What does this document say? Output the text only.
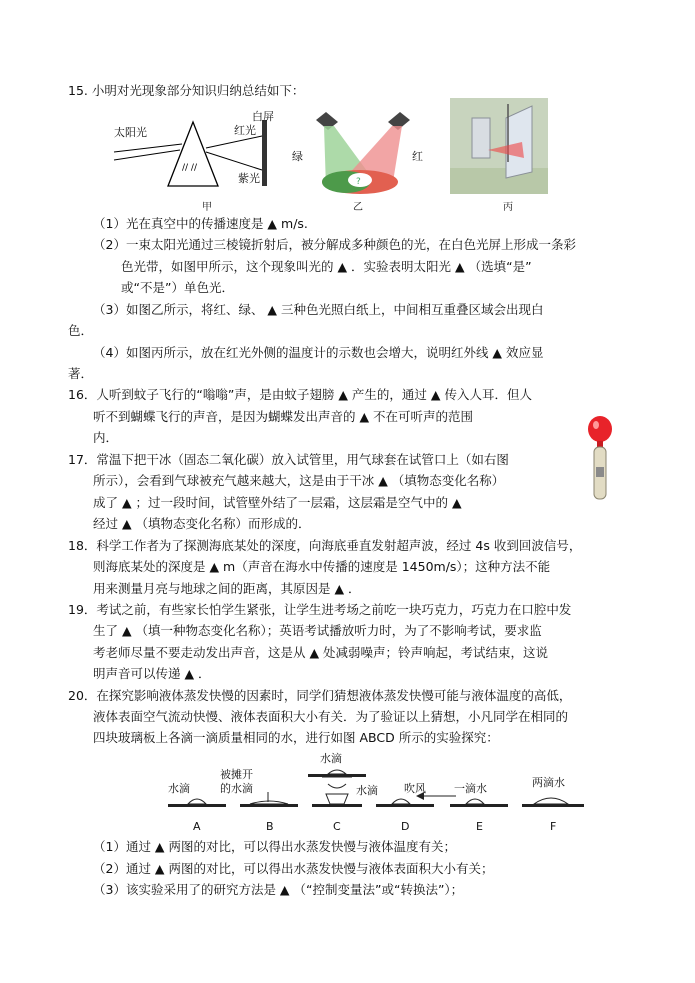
15. 小明对光现象部分知识归纳总结如下：
// //
太阳光
白屏
红光
紫光
甲
?
绿	红
乙	丙
（1）光在真空中的传播速度是 ▲ m/s.
（2）一束太阳光通过三棱镜折射后，被分解成多种颜色的光，在白色光屏上形成一条彩
色光带，如图甲所示，这个现象叫光的 ▲ ．实验表明太阳光 ▲ （选填“是”
或“不是”）单色光．
（3）如图乙所示，将红、绿、 ▲ 三种色光照白纸上，中间相互重叠区域会出现白
色．
（4）如图丙所示，放在红光外侧的温度计的示数也会增大，说明红外线 ▲ 效应显
著．
16．人听到蚊子飞行的“嗡嗡”声，是由蚊子翅膀 ▲ 产生的，通过 ▲ 传入人耳．但人
听不到蝴蝶飞行的声音，是因为蝴蝶发出声音的 ▲ 不在可听声的范围
内．
17．常温下把干冰（固态二氧化碳）放入试管里，用气球套在试管口上（如右图
所示），会看到气球被充气越来越大，这是由于干冰 ▲ （填物态变化名称）
成了 ▲ ；过一段时间，试管壁外结了一层霜，这层霜是空气中的 ▲
经过 ▲ （填物态变化名称）而形成的．
18．科学工作者为了探测海底某处的深度，向海底垂直发射超声波，经过 4s 收到回波信号，
则海底某处的深度是 ▲ m（声音在海水中传播的速度是 1450m/s）；这种方法不能
用来测量月亮与地球之间的距离，其原因是 ▲ ．
19．考试之前，有些家长怕学生紧张，让学生进考场之前吃一块巧克力，巧克力在口腔中发
生了 ▲ （填一种物态变化名称）；英语考试播放听力时，为了不影响考试，要求监
考老师尽量不要走动发出声音，这是从 ▲ 处减弱噪声；铃声响起，考试结束，这说
明声音可以传递 ▲ ．
20．在探究影响液体蒸发快慢的因素时，同学们猜想液体蒸发快慢可能与液体温度的高低，
液体表面空气流动快慢、液体表面积大小有关．为了验证以上猜想，小凡同学在相同的
四块玻璃板上各滴一滴质量相同的水，进行如图 ABCD 所示的实验探究：
水滴
被摊开
的水滴
水滴
水滴 吹风	一滴水	两滴水
A	B	C	D	E	F
（1）通过 ▲ 两图的对比，可以得出水蒸发快慢与液体温度有关；
（2）通过 ▲ 两图的对比，可以得出水蒸发快慢与液体表面积大小有关；
（3）该实验采用了的研究方法是 ▲ （“控制变量法”或“转换法”）；
